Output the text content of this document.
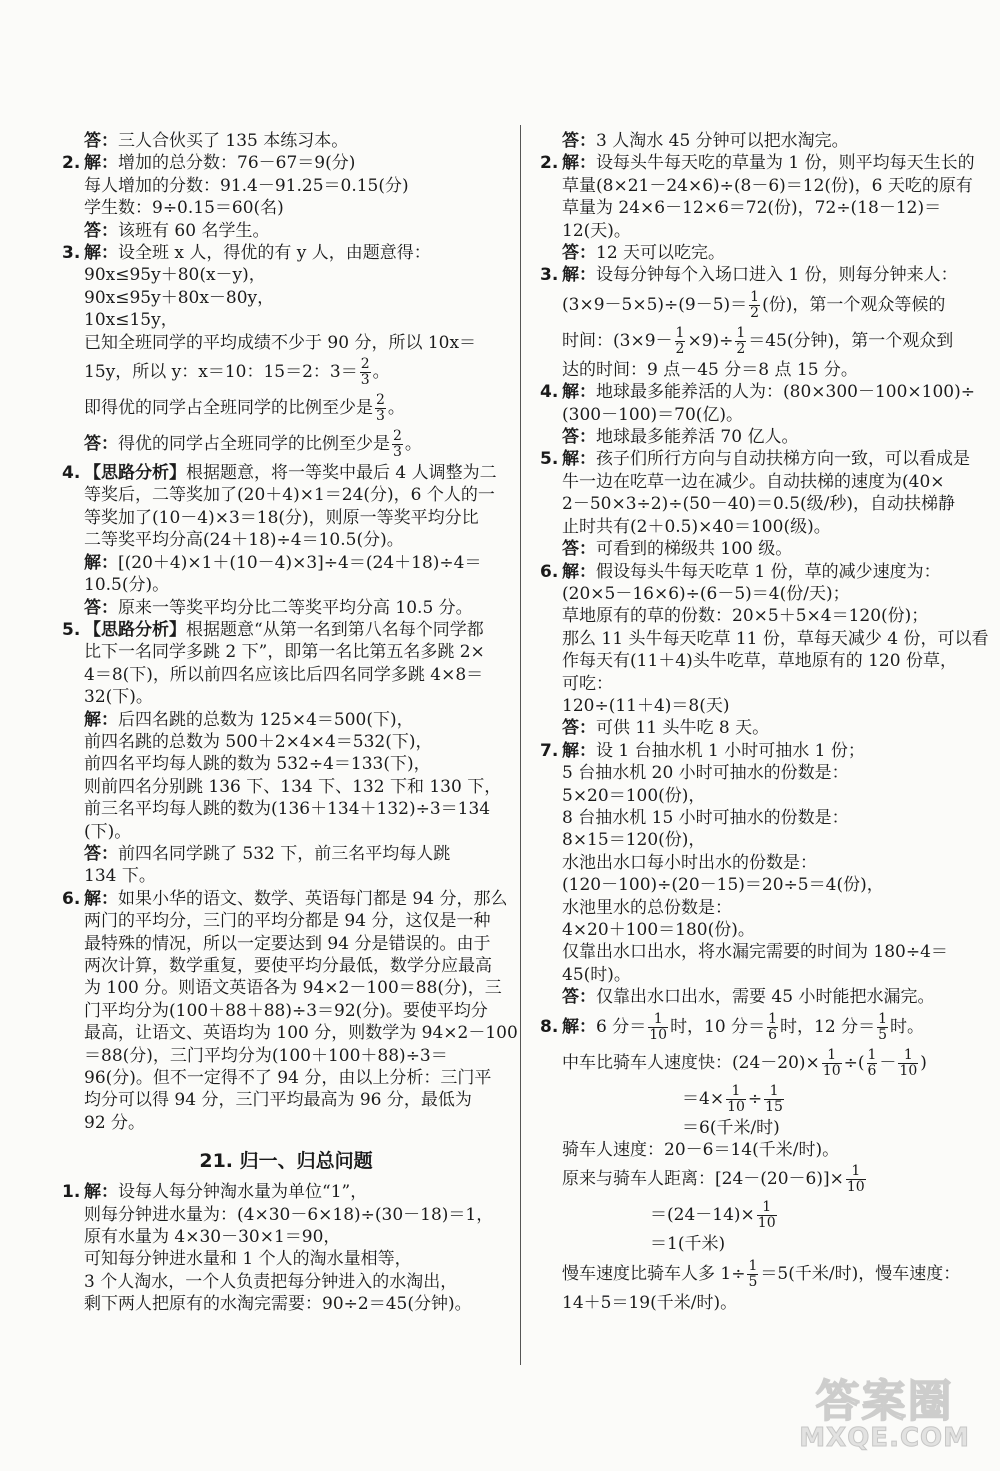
答：三人合伙买了 135 本练习本。
2. 解：增加的总分数：76－67＝9(分)
每人增加的分数：91.4－91.25＝0.15(分)
学生数：9÷0.15＝60(名)
答：该班有 60 名学生。
3. 解：设全班 x 人，得优的有 y 人，由题意得：
90x≤95y＋80(x－y)，
90x≤95y＋80x－80y，
10x≤15y，
已知全班同学的平均成绩不少于 90 分，所以 10x＝
15y，所以 y：x＝10：15＝2：$3= \frac{2}{3}$ 。
即得优的同学占全班同学的比例至少是 $\frac{2}{3}$ 。
答：得优的同学占全班同学的比例至少是 $\frac{2}{3}$ 。
4. 【思路分析】根据题意，将一等奖中最后 4 人调整为二
等奖后，二等奖加了(20＋4)×1＝24(分)，6 个人的一
等奖加了(10－4)×3＝18(分)，则原一等奖平均分比
二等奖平均分高(24＋18)÷4＝10.5(分)。
解：[(20＋4)×1＋(10－4)×3]÷4＝(24＋18)÷4＝
10.5(分)。
答：原来一等奖平均分比二等奖平均分高 10.5 分。
5. 【思路分析】根据题意“从第一名到第八名每个同学都
比下一名同学多跳 2 下”，即第一名比第五名多跳 2×
4＝8(下)，所以前四名应该比后四名同学多跳 4×8＝
32(下)。
解：后四名跳的总数为 125×4＝500(下)，
前四名跳的总数为 500＋2×4×4＝532(下)，
前四名平均每人跳的数为 532÷4＝133(下)，
则前四名分别跳 136 下、134 下、132 下和 130 下，
前三名平均每人跳的数为(136＋134＋132)÷3＝134
(下)。
答：前四名同学跳了 532 下，前三名平均每人跳
134 下。
6. 解：如果小华的语文、数学、英语每门都是 94 分，那么
两门的平均分，三门的平均分都是 94 分，这仅是一种
最特殊的情况，所以一定要达到 94 分是错误的。由于
两次计算，数学重复，要使平均分最低，数学分应最高
为 100 分。则语文英语各为 94×2－100＝88(分)，三
门平均分为(100＋88＋88)÷3＝92(分)。要使平均分
最高，让语文、英语均为 100 分，则数学为 94×2－100
＝88(分)，三门平均分为(100＋100＋88)÷3＝
96(分)。但不一定得不了 94 分，由以上分析：三门平
均分可以得 94 分，三门平均最高为 96 分，最低为
92 分。
21. 归一、归总问题
1. 解：设每人每分钟淘水量为单位“1”，
则每分钟进水量为：(4×30－6×18)÷(30－18)＝1，
原有水量为 4×30－30×1＝90，
可知每分钟进水量和 1 个人的淘水量相等，
3 个人淘水，一个人负责把每分钟进入的水淘出，
剩下两人把原有的水淘完需要：90÷2＝45(分钟)。
答：3 人淘水 45 分钟可以把水淘完。
2. 解：设每头牛每天吃的草量为 1 份，则平均每天生长的
草量(8×21－24×6)÷(8－6)＝12(份)，6 天吃的原有
草量为 24×6－12×6＝72(份)，72÷(18－12)＝
12(天)。
答：12 天可以吃完。
3. 解：设每分钟每个入场口进入 1 份，则每分钟来人：
$(3\times 9-5\times 5)\div(9-5)= \frac{1}{2}$ (份)，第一个观众等候的
时间：$(3\times 9- \frac{1}{2} \times 9)\div \frac{1}{2} =45$(分钟)，第一个观众到
达的时间：9 点－45 分＝8 点 15 分。
4. 解：地球最多能养活的人为：(80×300－100×100)÷
(300－100)＝70(亿)。
答：地球最多能养活 70 亿人。
5. 解：孩子们所行方向与自动扶梯方向一致，可以看成是
牛一边在吃草一边在减少。自动扶梯的速度为(40×
2－50×3÷2)÷(50－40)＝0.5(级/秒)，自动扶梯静
止时共有(2＋0.5)×40＝100(级)。
答：可看到的梯级共 100 级。
6. 解：假设每头牛每天吃草 1 份，草的减少速度为：
(20×5－16×6)÷(6－5)＝4(份/天)；
草地原有的草的份数：20×5＋5×4＝120(份)；
那么 11 头牛每天吃草 11 份，草每天减少 4 份，可以看
作每天有(11＋4)头牛吃草，草地原有的 120 份草，
可吃：
120÷(11＋4)＝8(天)
答：可供 11 头牛吃 8 天。
7. 解：设 1 台抽水机 1 小时可抽水 1 份；
5 台抽水机 20 小时可抽水的份数是：
5×20＝100(份)，
8 台抽水机 15 小时可抽水的份数是：
8×15＝120(份)，
水池出水口每小时出水的份数是：
(120－100)÷(20－15)＝20÷5＝4(份)，
水池里水的总份数是：
4×20＋100＝180(份)。
仅靠出水口出水，将水漏完需要的时间为 180÷4＝
45(时)。
答：仅靠出水口出水，需要 45 小时能把水漏完。
8. 解：6 分＝ $\frac{1}{10}$ 时，10 分＝ $\frac{1}{6}$ 时，12 分＝ $\frac{1}{5}$ 时。
中车比骑车人速度快：$(24-20)\times \frac{1}{10}$ ÷( $\frac{1}{6} - \frac{1}{10}$ )
$=4\times \frac{1}{10} \div \frac{1}{15}$
＝6(千米/时)
骑车人速度：20－6＝14(千米/时)。
原来与骑车人距离：$[24-(20-6)]\times \frac{1}{10}$
$=(24-14)\times \frac{1}{10}$
＝1(千米)
慢车速度比骑车人多 $1\div \frac{1}{5} =5$(千米/时)，慢车速度：
14＋5＝19(千米/时)。
答案圈
MXQE.COM
